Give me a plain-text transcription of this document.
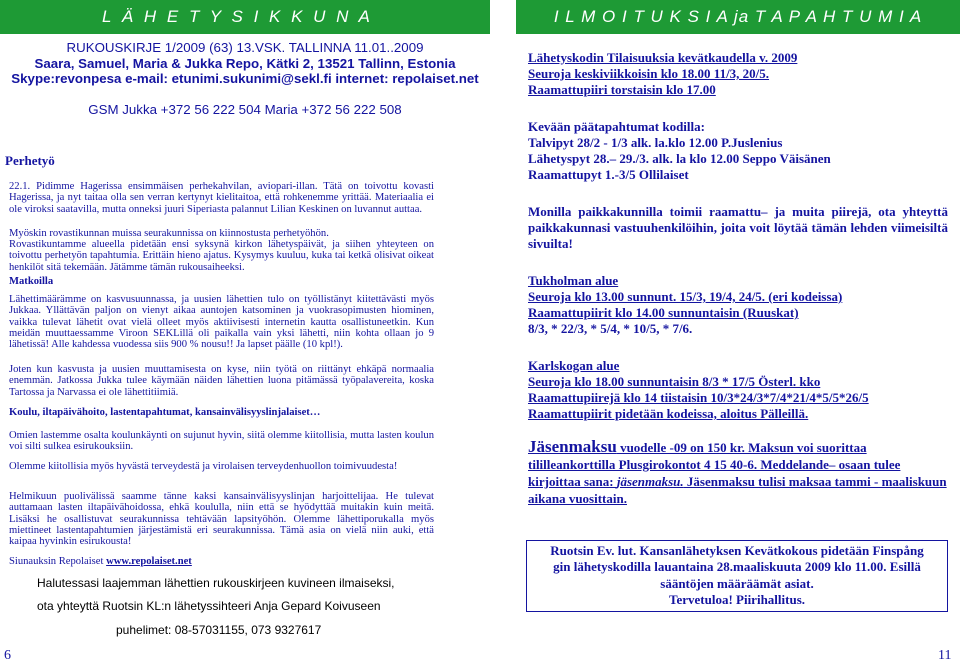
L Ä H E T Y S I K K U N A	I L M O I T U K S I A ja T A P A H T U M I A
RUKOUSKIRJE 1/2009 (63) 13.VSK. TALLINNA 11.01..2009
Saara, Samuel, Maria & Jukka Repo, Kätki 2, 13521 Tallinn, Estonia
Skype:revonpesa e-mail: etunimi.sukunimi@sekl.fi internet: repolaiset.net
GSM Jukka +372 56 222 504 Maria +372 56 222 508
Perhetyö
22.1. Pidimme Hagerissa ensimmäisen perhekahvilan, aviopari-illan. Tätä on toivottu kovasti Hagerissa, ja nyt taitaa olla sen verran kertynyt kielitaitoa, että rohkenemme yrittää. Materiaalia ei ole viroksi saatavilla, mutta onneksi juuri Siperiasta palannut Lilian Keskinen on luvannut auttaa.
Myöskin rovastikunnan muissa seurakunnissa on kiinnostusta perhetyöhön.
Rovastikuntamme alueella pidetään ensi syksynä kirkon lähetyspäivät, ja siihen yhteyteen on toivottu perhetyön tapahtumia. Erittäin hieno ajatus. Kysymys kuuluu, kuka tai ketkä olisivat oikeat henkilöt sitä tekemään. Jätämme tämän rukousaiheeksi.
Matkoilla
Lähettimäärämme on kasvusuunnassa, ja uusien lähettien tulo on työllistänyt kiitettävästi myös Jukkaa. Yllättävän paljon on vienyt aikaa auntojen katsominen ja vuokrasopimusten hiominen, vaikka tulevat lähetit ovat vielä olleet myös aktiivisesti internetin kautta osallistuneetkin. Kun meidän muuttaessamme Viroon SEKLillä oli paikalla vain yksi lähetti, niin kohta ollaan jo 9 lähetissä! Alle kahdessa vuodessa siis 900 % nousu!! Ja lapset päälle (10 kpl!).
Joten kun kasvusta ja uusien muuttamisesta on kyse, niin työtä on riittänyt ehkäpä normaalia enemmän. Jatkossa Jukka tulee käymään näiden lähettien luona pitämässä työpalavereita, koska Tartossa ja Narvassa ei ole lähettitiimiä.
Koulu, iltapäivähoito, lastentapahtumat, kansainvälisyyslinjalaiset…
Omien lastemme osalta koulunkäynti on sujunut hyvin, siitä olemme kiitollisia, mutta lasten koulun voi silti sulkea esirukouksiin.
Olemme kiitollisia myös hyvästä terveydestä ja virolaisen terveydenhuollon toimivuudesta!
Helmikuun puolivälissä saamme tänne kaksi kansainvälisyyslinjan harjoittelijaa. He tulevat auttamaan lasten iltapäivähoidossa, ehkä koululla, niin että se hyödyttää muitakin kuin meitä. Lisäksi he osallistuvat seurakunnissa tehtävään lapsityöhön. Olemme lähettiporukalla myös miettineet lastentapahtumien järjestämistä eri seurakunnissa. Tämä asia on vielä niin auki, että kaipaa hyvinkin esirukousta!
Siunauksin Repolaiset www.repolaiset.net
Halutessasi laajemman lähettien rukouskirjeen kuvineen ilmaiseksi,
ota yhteyttä Ruotsin KL:n lähetyssihteeri Anja Gepard Koivuseen
puhelimet: 08-57031155, 073 9327617
Lähetyskodin Tilaisuuksia kevätkaudella v. 2009
Seuroja keskiviikkoisin klo 18.00 11/3, 20/5.
Raamattupiiri torstaisin klo 17.00
Kevään päätapahtumat kodilla:
Talvipyt 28/2 - 1/3 alk. la.klo 12.00 P.Juslenius
Lähetyspyt 28.– 29./3. alk. la klo 12.00 Seppo Väisänen
Raamattupyt 1.-3/5 Ollilaiset
Monilla paikkakunnilla toimii raamattu– ja muita piirejä, ota yhteyttä paikkakunnasi vastuuhenkilöihin, joita voit löytää tämän lehden viimeisiltä sivuilta!
Tukholman alue
Seuroja klo 13.00 sunnunt. 15/3, 19/4, 24/5. (eri kodeissa)
Raamattupiirit klo 14.00 sunnuntaisin (Ruuskat)
8/3, * 22/3, * 5/4, * 10/5, * 7/6.
Karlskogan alue
Seuroja klo 18.00 sunnuntaisin 8/3 * 17/5 Österl. kko
Raamattupiirejä klo 14 tiistaisin 10/3*24/3*7/4*21/4*5/5*26/5
Raamattupiirit pidetään kodeissa, aloitus Pälleillä.
Jäsenmaksu vuodelle -09 on 150 kr. Maksun voi suorittaa tililleankorttilla Plusgirokontot 4 15 40-6. Meddelande– osaan tulee kirjoittaa sana: jäsenmaksu. Jäsenmaksu tulisi maksaa tammi - maaliskuun aikana vuosittain.
Ruotsin Ev. lut. Kansanlähetyksen Kevätkokous pidetään Finspång
gin lähetyskodilla lauantaina 28.maaliskuuta 2009 klo 11.00. Esillä
sääntöjen määräämät asiat.
Tervetuloa! Piirihallitus.
6	11
